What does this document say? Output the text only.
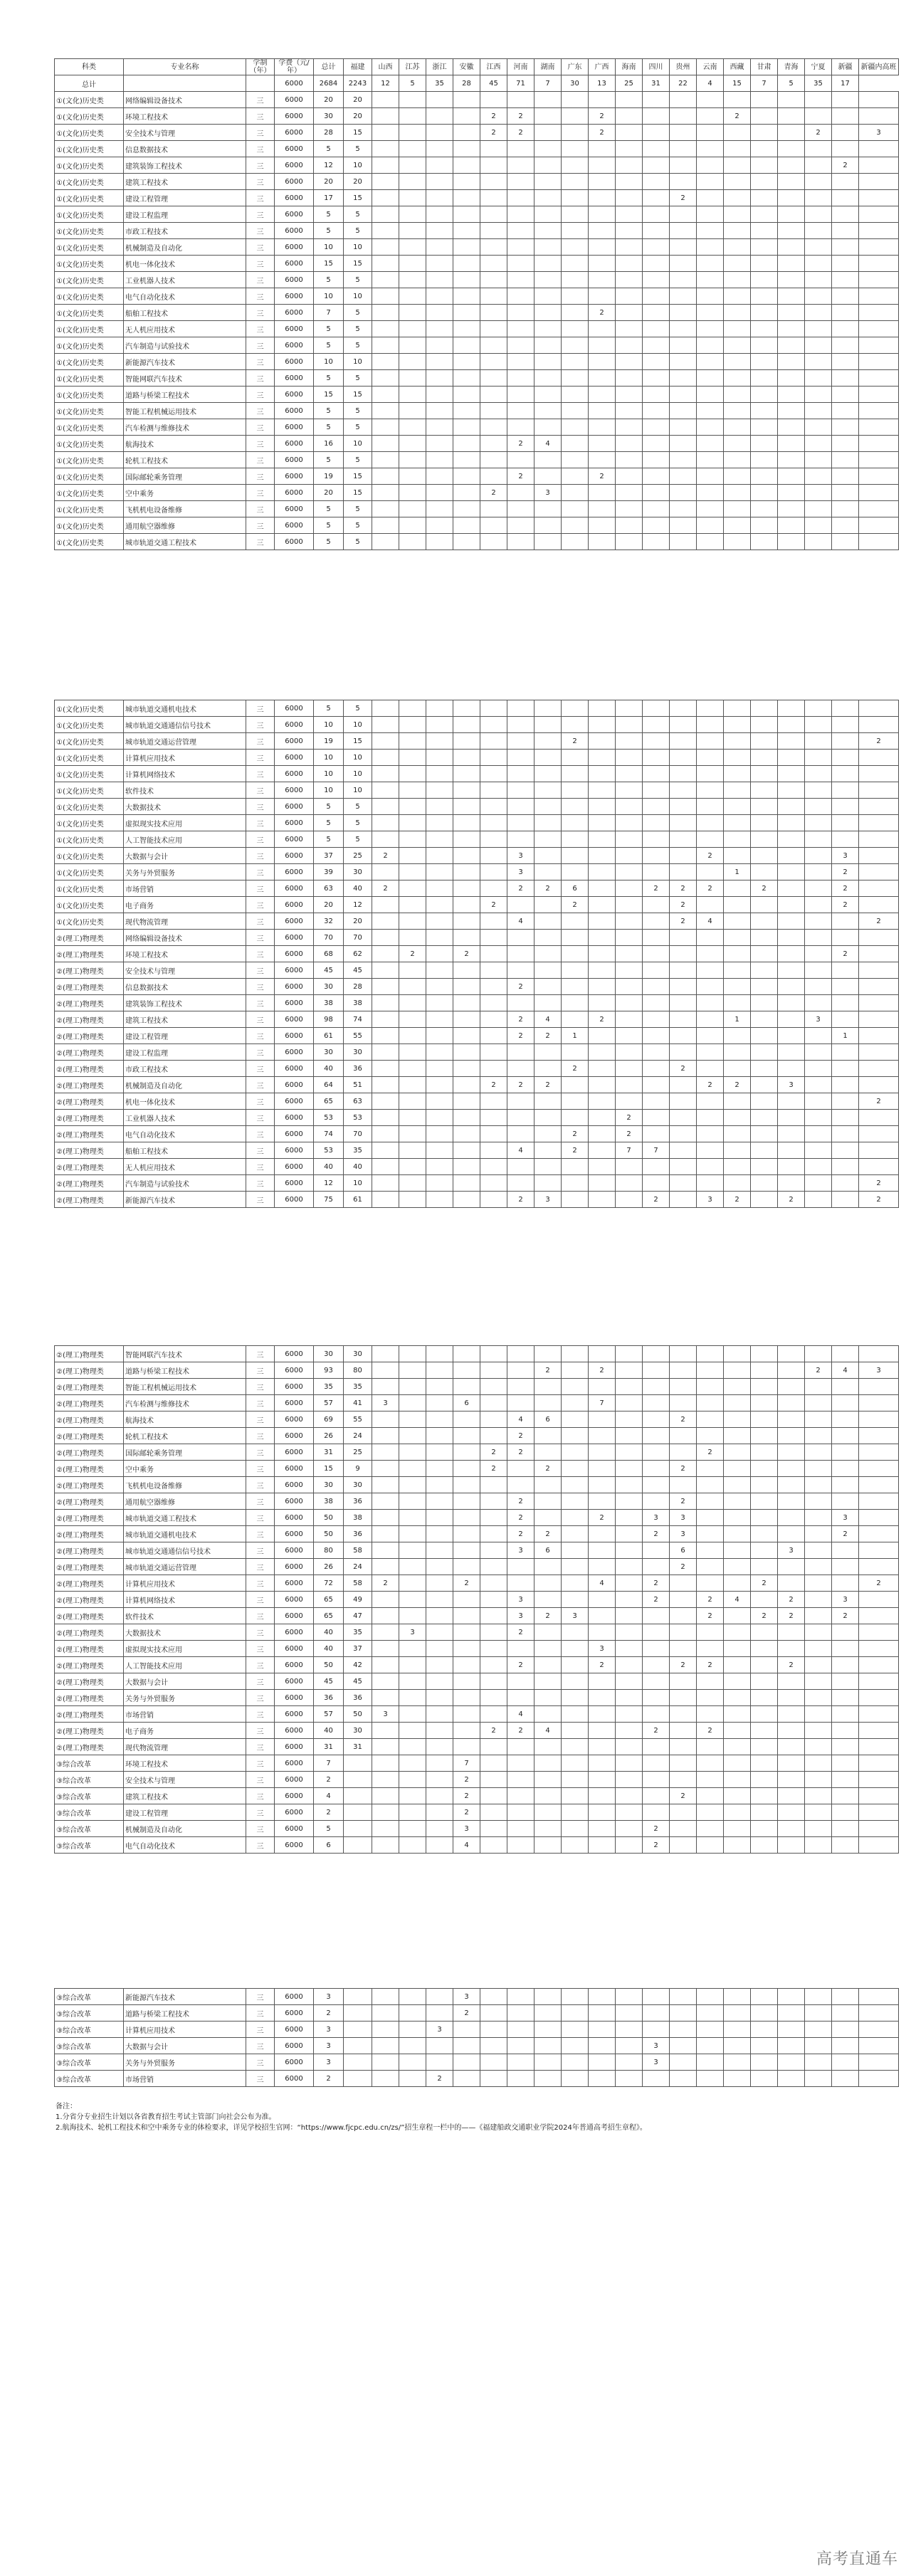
科类	专业名称	学制（年）	学费（元/年）	总计	福建	山西	江苏	浙江	安徽	江西	河南	湖南	广东	广西	海南	四川	贵州	云南	西藏	甘肃	青海	宁夏	新疆	新疆内高班
总计			6000	2684	2243	12	5	35	28	45	71	7	30	13	25	31	22	4	15	7	5	35	17	
①(文化)历史类	网络编辑设备技术	三	6000	20	20																			
①(文化)历史类	环境工程技术	三	6000	30	20					2	2			2					2					
①(文化)历史类	安全技术与管理	三	6000	28	15					2	2			2								2		3
①(文化)历史类	信息数据技术	三	6000	5	5																			
①(文化)历史类	建筑装饰工程技术	三	6000	12	10																		2	
①(文化)历史类	建筑工程技术	三	6000	20	20																			
①(文化)历史类	建设工程管理	三	6000	17	15												2							
①(文化)历史类	建设工程监理	三	6000	5	5																			
①(文化)历史类	市政工程技术	三	6000	5	5																			
①(文化)历史类	机械制造及自动化	三	6000	10	10																			
①(文化)历史类	机电一体化技术	三	6000	15	15																			
①(文化)历史类	工业机器人技术	三	6000	5	5																			
①(文化)历史类	电气自动化技术	三	6000	10	10																			
①(文化)历史类	船舶工程技术	三	6000	7	5									2										
①(文化)历史类	无人机应用技术	三	6000	5	5																			
①(文化)历史类	汽车制造与试验技术	三	6000	5	5																			
①(文化)历史类	新能源汽车技术	三	6000	10	10																			
①(文化)历史类	智能网联汽车技术	三	6000	5	5																			
①(文化)历史类	道路与桥梁工程技术	三	6000	15	15																			
①(文化)历史类	智能工程机械运用技术	三	6000	5	5																			
①(文化)历史类	汽车检测与维修技术	三	6000	5	5																			
①(文化)历史类	航海技术	三	6000	16	10						2	4												
①(文化)历史类	轮机工程技术	三	6000	5	5																			
①(文化)历史类	国际邮轮乘务管理	三	6000	19	15						2			2										
①(文化)历史类	空中乘务	三	6000	20	15					2		3												
①(文化)历史类	飞机机电设备维修	三	6000	5	5																			
①(文化)历史类	通用航空器维修	三	6000	5	5																			
①(文化)历史类	城市轨道交通工程技术	三	6000	5	5																			
①(文化)历史类	城市轨道交通机电技术	三	6000	5	5																			
①(文化)历史类	城市轨道交通通信信号技术	三	6000	10	10																			
①(文化)历史类	城市轨道交通运营管理	三	6000	19	15								2											2
①(文化)历史类	计算机应用技术	三	6000	10	10																			
①(文化)历史类	计算机网络技术	三	6000	10	10																			
①(文化)历史类	软件技术	三	6000	10	10																			
①(文化)历史类	大数据技术	三	6000	5	5																			
①(文化)历史类	虚拟现实技术应用	三	6000	5	5																			
①(文化)历史类	人工智能技术应用	三	6000	5	5																			
①(文化)历史类	大数据与会计	三	6000	37	25	2					3							2					3	
①(文化)历史类	关务与外贸服务	三	6000	39	30						3								1				2	
①(文化)历史类	市场营销	三	6000	63	40	2					2	2	6			2	2	2		2			2	
①(文化)历史类	电子商务	三	6000	20	12					2			2				2						2	
①(文化)历史类	现代物流管理	三	6000	32	20						4						2	4						2
②(理工)物理类	网络编辑设备技术	三	6000	70	70																			
②(理工)物理类	环境工程技术	三	6000	68	62		2		2														2	
②(理工)物理类	安全技术与管理	三	6000	45	45																			
②(理工)物理类	信息数据技术	三	6000	30	28						2													
②(理工)物理类	建筑装饰工程技术	三	6000	38	38																			
②(理工)物理类	建筑工程技术	三	6000	98	74						2	4		2					1			3		
②(理工)物理类	建设工程管理	三	6000	61	55						2	2	1										1	
②(理工)物理类	建设工程监理	三	6000	30	30																			
②(理工)物理类	市政工程技术	三	6000	40	36								2				2							
②(理工)物理类	机械制造及自动化	三	6000	64	51					2	2	2						2	2		3			
②(理工)物理类	机电一体化技术	三	6000	65	63																			2
②(理工)物理类	工业机器人技术	三	6000	53	53										2									
②(理工)物理类	电气自动化技术	三	6000	74	70								2		2									
②(理工)物理类	船舶工程技术	三	6000	53	35						4		2		7	7								
②(理工)物理类	无人机应用技术	三	6000	40	40																			
②(理工)物理类	汽车制造与试验技术	三	6000	12	10																			2
②(理工)物理类	新能源汽车技术	三	6000	75	61						2	3				2		3	2		2			2
②(理工)物理类	智能网联汽车技术	三	6000	30	30																			
②(理工)物理类	道路与桥梁工程技术	三	6000	93	80							2		2								2	4	3
②(理工)物理类	智能工程机械运用技术	三	6000	35	35																			
②(理工)物理类	汽车检测与维修技术	三	6000	57	41	3			6					7										
②(理工)物理类	航海技术	三	6000	69	55						4	6					2							
②(理工)物理类	轮机工程技术	三	6000	26	24						2													
②(理工)物理类	国际邮轮乘务管理	三	6000	31	25					2	2							2						
②(理工)物理类	空中乘务	三	6000	15	9					2		2					2							
②(理工)物理类	飞机机电设备维修	三	6000	30	30																			
②(理工)物理类	通用航空器维修	三	6000	38	36						2						2							
②(理工)物理类	城市轨道交通工程技术	三	6000	50	38						2			2		3	3						3	
②(理工)物理类	城市轨道交通机电技术	三	6000	50	36						2	2				2	3						2	
②(理工)物理类	城市轨道交通通信信号技术	三	6000	80	58						3	6					6				3			
②(理工)物理类	城市轨道交通运营管理	三	6000	26	24												2							
②(理工)物理类	计算机应用技术	三	6000	72	58	2			2					4		2				2				2
②(理工)物理类	计算机网络技术	三	6000	65	49						3					2		2	4		2		3	
②(理工)物理类	软件技术	三	6000	65	47						3	2	3					2		2	2		2	
②(理工)物理类	大数据技术	三	6000	40	35		3				2													
②(理工)物理类	虚拟现实技术应用	三	6000	40	37									3										
②(理工)物理类	人工智能技术应用	三	6000	50	42						2			2			2	2			2			
②(理工)物理类	大数据与会计	三	6000	45	45																			
②(理工)物理类	关务与外贸服务	三	6000	36	36																			
②(理工)物理类	市场营销	三	6000	57	50	3					4													
②(理工)物理类	电子商务	三	6000	40	30					2	2	4				2		2						
②(理工)物理类	现代物流管理	三	6000	31	31																			
③综合改革	环境工程技术	三	6000	7					7															
③综合改革	安全技术与管理	三	6000	2					2															
③综合改革	建筑工程技术	三	6000	4					2								2							
③综合改革	建设工程管理	三	6000	2					2															
③综合改革	机械制造及自动化	三	6000	5					3							2								
③综合改革	电气自动化技术	三	6000	6					4							2								
③综合改革	新能源汽车技术	三	6000	3					3															
③综合改革	道路与桥梁工程技术	三	6000	2					2															
③综合改革	计算机应用技术	三	6000	3				3																
③综合改革	大数据与会计	三	6000	3												3								
③综合改革	关务与外贸服务	三	6000	3												3								
③综合改革	市场营销	三	6000	2				2																
备注：
1.分省分专业招生计划以各省教育招生考试主管部门向社会公布为准。
2.航海技术、轮机工程技术和空中乘务专业的体检要求，详见学校招生官网：“https://www.fjcpc.edu.cn/zs/”招生章程一栏中的——《福建船政交通职业学院2024年普通高考招生章程》。
高考直通车
